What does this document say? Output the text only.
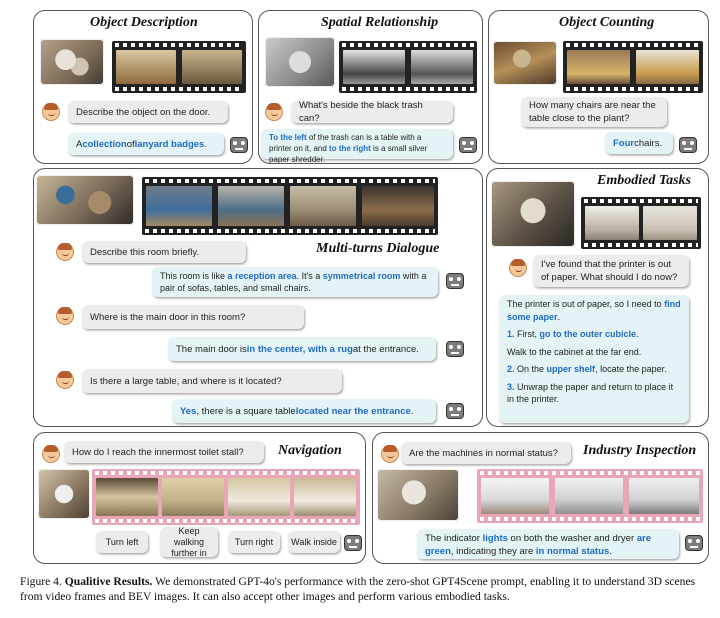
Object Description
Describe the object on the door.
A collection of lanyard badges .
Spatial Relationship
What's beside the black trash can?
To the left of the trash can is a table with a printer on it, and to the right is a small silver paper shredder.
Object Counting
How many chairs are near the table close to the plant?
Four chairs.
Multi-turns Dialogue
Describe this room briefly.
This room is like a reception area. It's a symmetrical room with a pair of sofas, tables, and small chairs.
Where is the main door in this room?
The main door is in the center, with a rug at the entrance.
Is there a large table, and where is it located?
Yes , there is a square table located near the entrance .
Embodied Tasks
I've found that the printer is out of paper. What should I do now?
The printer is out of paper, so I need to find some paper.
1. First, go to the outer cubicle.
Walk to the cabinet at the far end.
2. On the upper shelf, locate the paper.
3. Unwrap the paper and return to place it in the printer.
How do I reach the innermost toilet stall?	Navigation
Turn left
Keep walking further in
Turn right	Walk inside
Are the machines in normal status?	Industry Inspection
The indicator lights on both the washer and dryer are green, indicating they are in normal status.
Figure 4. Qualitive Results. We demonstrated GPT-4o's performance with the zero-shot GPT4Scene prompt, enabling it to understand 3D scenes from video frames and BEV images. It can also accept other images and perform various embodied tasks.
